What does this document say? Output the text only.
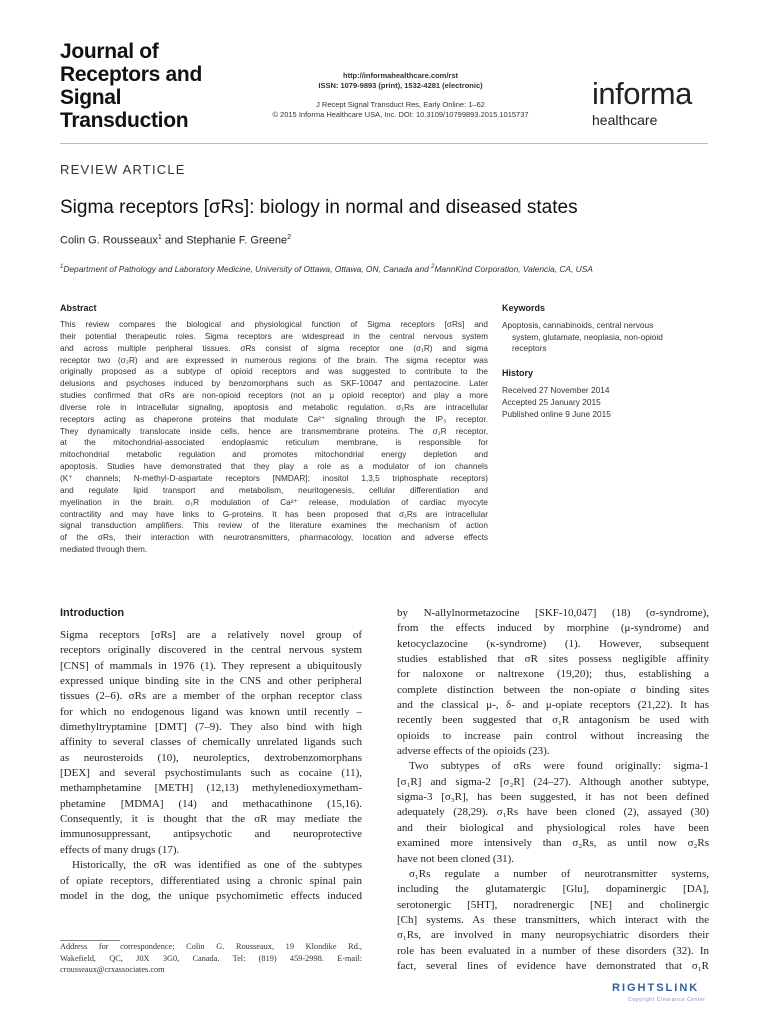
Journal of
Receptors and
Signal
Transduction
http://informahealthcare.com/rst
ISSN: 1079-9893 (print), 1532-4281 (electronic)
J Recept Signal Transduct Res, Early Online: 1–62
© 2015 Informa Healthcare USA, Inc. DOI: 10.3109/10799893.2015.1015737
informa
healthcare
REVIEW ARTICLE
Sigma receptors [σRs]: biology in normal and diseased states
Colin G. Rousseaux$^1$ and Stephanie F. Greene$^2$
$^1$Department of Pathology and Laboratory Medicine, University of Ottawa, Ottawa, ON, Canada and $^2$MannKind Corporation, Valencia, CA, USA
Abstract
This review compares the biological and physiological function of Sigma receptors [σRs] and
their potential therapeutic roles. Sigma receptors are widespread in the central nervous system
and across multiple peripheral tissues. σRs consist of sigma receptor one (σ₁R) and sigma
receptor two (σ₂R) and are expressed in numerous regions of the brain. The sigma receptor was
originally proposed as a subtype of opioid receptors and was suggested to contribute to the
delusions and psychoses induced by benzomorphans such as SKF-10047 and pentazocine. Later
studies confirmed that σRs are non-opioid receptors (not an μ opioid receptor) and play a more
diverse role in intracellular signaling, apoptosis and metabolic regulation. σ₁Rs are intracellular
receptors acting as chaperone proteins that modulate Ca²⁺ signaling through the IP₃ receptor.
They dynamically translocate inside cells, hence are transmembrane proteins. The σ₁R receptor,
at the mitochondrial-associated endoplasmic reticulum membrane, is responsible for
mitochondrial metabolic regulation and promotes mitochondrial energy depletion and
apoptosis. Studies have demonstrated that they play a role as a modulator of ion channels
(K⁺ channels; N-methyl-D-aspartate receptors [NMDAR]; inositol 1,3,5 triphosphate receptors)
and regulate lipid transport and metabolism, neuritogenesis, cellular differentiation and
myelination in the brain. σ₁R modulation of Ca²⁺ release, modulation of cardiac myocyte
contractility and may have links to G-proteins. It has been proposed that σ₁Rs are intracellular
signal transduction amplifiers. This review of the literature examines the mechanism of action
of the σRs, their interaction with neurotransmitters, pharmacology, location and adverse effects
mediated through them.
Keywords
Apoptosis, cannabinoids, central nervous
system, glutamate, neoplasia, non-opioid
receptors
History
Received 27 November 2014
Accepted 25 January 2015
Published online 9 June 2015
Introduction
Sigma receptors [σRs] are a relatively novel group of
receptors originally discovered in the central nervous system
[CNS] of mammals in 1976 (1). They represent a ubiquitously
expressed unique binding site in the CNS and other peripheral
tissues (2–6). σRs are a member of the orphan receptor class
for which no endogenous ligand was known until recently –
dimethyltryptamine [DMT] (7–9). They also bind with high
affinity to several classes of chemically unrelated ligands such
as neurosteroids (10), neuroleptics, dextrobenzomorphans
[DEX] and several psychostimulants such as cocaine (11),
methamphetamine [METH] (12,13) methylenedioxymetham-
phetamine [MDMA] (14) and methacathinone (15,16).
Consequently, it is thought that the σR may mediate the
immunosuppressant, antipsychotic and neuroprotective
effects of many drugs (17).
Historically, the σR was identified as one of the subtypes
of opiate receptors, differentiated using a chronic spinal pain
model in the dog, the unique psychomimetic effects induced
by N-allylnormetazocine [SKF-10,047] (18) (σ-syndrome),
from the effects induced by morphine (μ-syndrome) and
ketocyclazocine (κ-syndrome) (1). However, subsequent
studies established that σR sites possess negligible affinity
for naloxone or naltrexone (19,20); thus, establishing a
complete distinction between the non-opiate σ binding sites
and the classical μ-, δ- and μ-opiate receptors (21,22). It has
recently been suggested that σ₁R antagonism be used with
opioids to increase pain control without increasing the
adverse effects of the opioids (23).
Two subtypes of σRs were found originally: sigma-1
[σ₁R] and sigma-2 [σ₂R] (24–27). Although another subtype,
sigma-3 [σ₃R], has been suggested, it has not been defined
adequately (28,29). σ₁Rs have been cloned (2), assayed (30)
and their biological and physiological roles have been
examined more intensively than σ₂Rs, as until now σ₂Rs
have not been cloned (31).
σ₁Rs regulate a number of neurotransmitter systems,
including the glutamatergic [Glu], dopaminergic [DA],
serotonergic [5HT], noradrenergic [NE] and cholinergic
[Ch] systems. As these transmitters, which interact with the
σ₁Rs, are involved in many neuropsychiatric disorders their
role has been evaluated in a number of these disorders (32). In
fact, several lines of evidence have demonstrated that σ₁R
Address for correspondence: Colin G. Rousseaux, 19 Klondike Rd.,
Wakefield, QC, J0X 3G0, Canada. Tel: (819) 459-2998. E-mail:
crousseaux@crxassociates.com
RIGHTSLINK
Copyright Clearance Center
